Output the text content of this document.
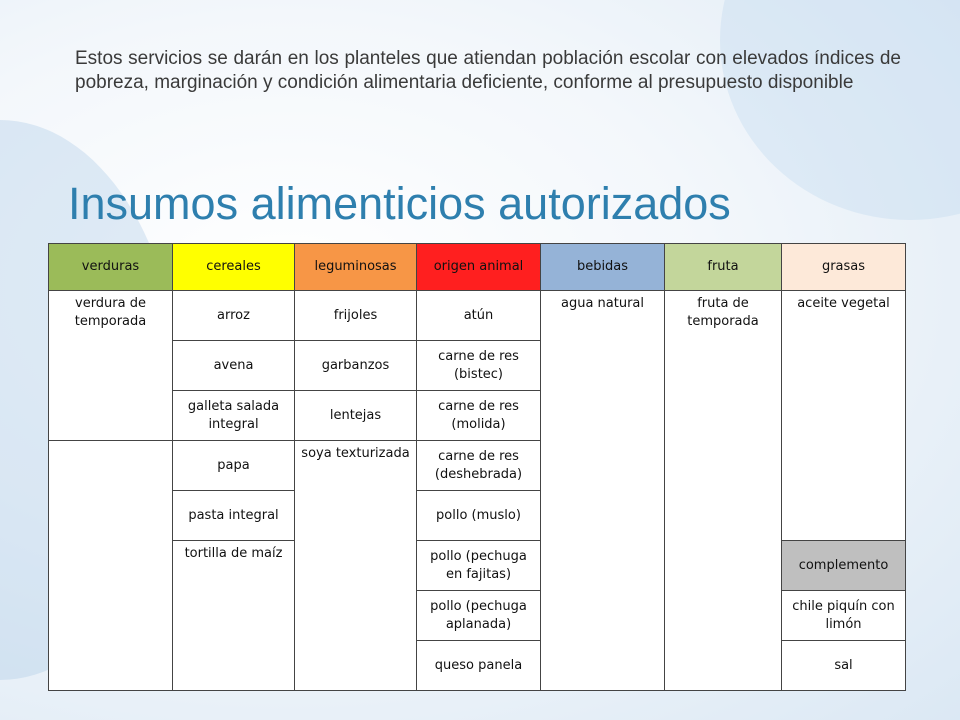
Estos servicios se darán en los planteles que atiendan población escolar con elevados índices de pobreza, marginación y condición alimentaria deficiente, conforme al presupuesto disponible
Insumos alimenticios autorizados
verduras	cereales	leguminosas	origen animal	bebidas	fruta	grasas
verdura de temporada	arroz	frijoles	atún	agua natural	fruta de temporada	aceite vegetal
	avena	garbanzos	carne de res (bistec)			
	galleta salada integral	lentejas	carne de res (molida)			
	papa	soya texturizada	carne de res (deshebrada)			
	pasta integral		pollo (muslo)			
	tortilla de maíz		pollo (pechuga en fajitas)			complemento
			pollo (pechuga aplanada)			chile piquín con limón
			queso panela			sal
